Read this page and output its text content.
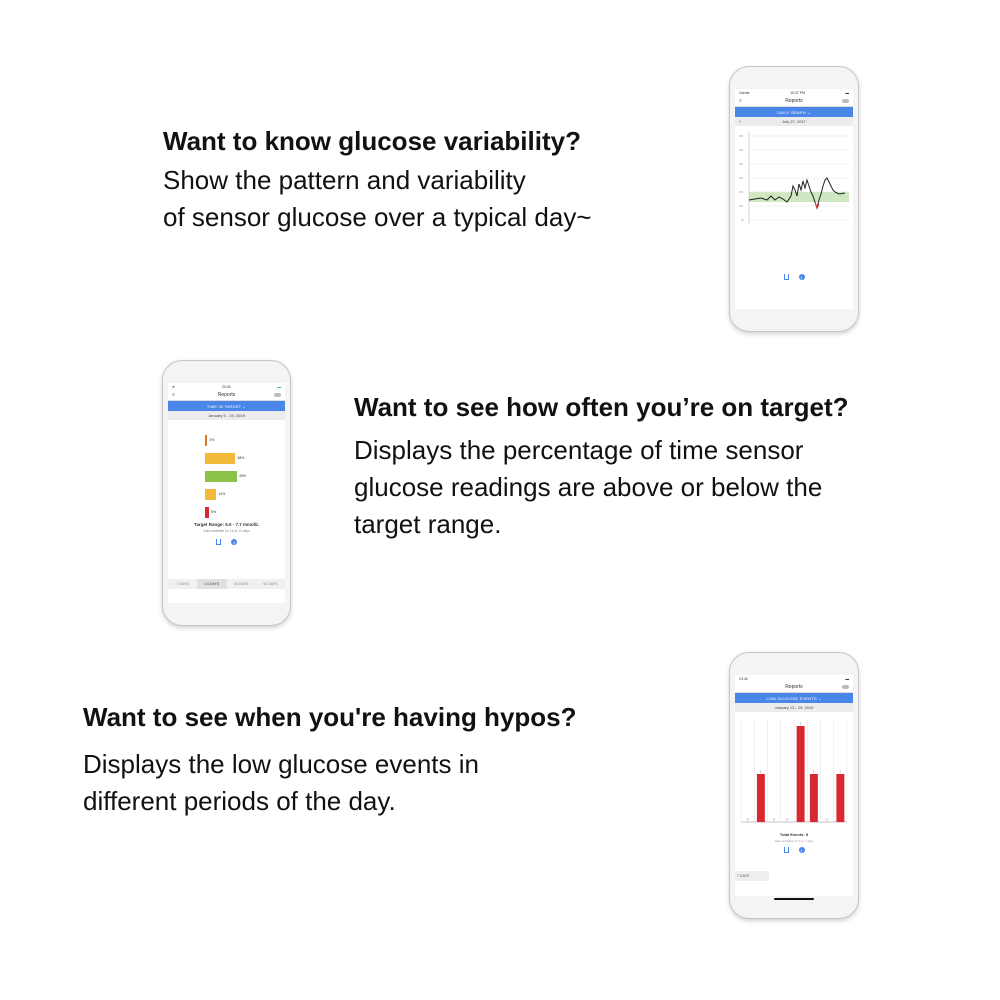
Want to know glucose variability?

Show the pattern and variability
of sensor glucose over a typical day~

Want to see how often you’re on target?

Displays the percentage of time sensor
glucose readings are above or below the
target range.

Want to see when you're having hypos?

Displays the low glucose events in
different periods of the day.

Carrier	10:37 PM	▬
≡	Reports
DAILY GRAPH ⌄
‹	July 27, 2017
350
300
250
200
150
100
50
i
➤	23:40	▬
≡	Reports
TIME IN TARGET ⌄
January 6 - 19, 2019
3%
38%
40%
14%
5%
Target Range: 5.0 - 7.7 mmol/L
Data available for 14 of 14 days
i
7 DAYS	14 DAYS	30 DAYS	90 DAYS
23:40	▬
Reports
LOW GLUCOSE EVENTS ⌄
January 13 - 19, 2019
0
1
0	0
2
1
0
1
Total Events: 5
Data available for 5 of 7 days
i
7 DAYS
